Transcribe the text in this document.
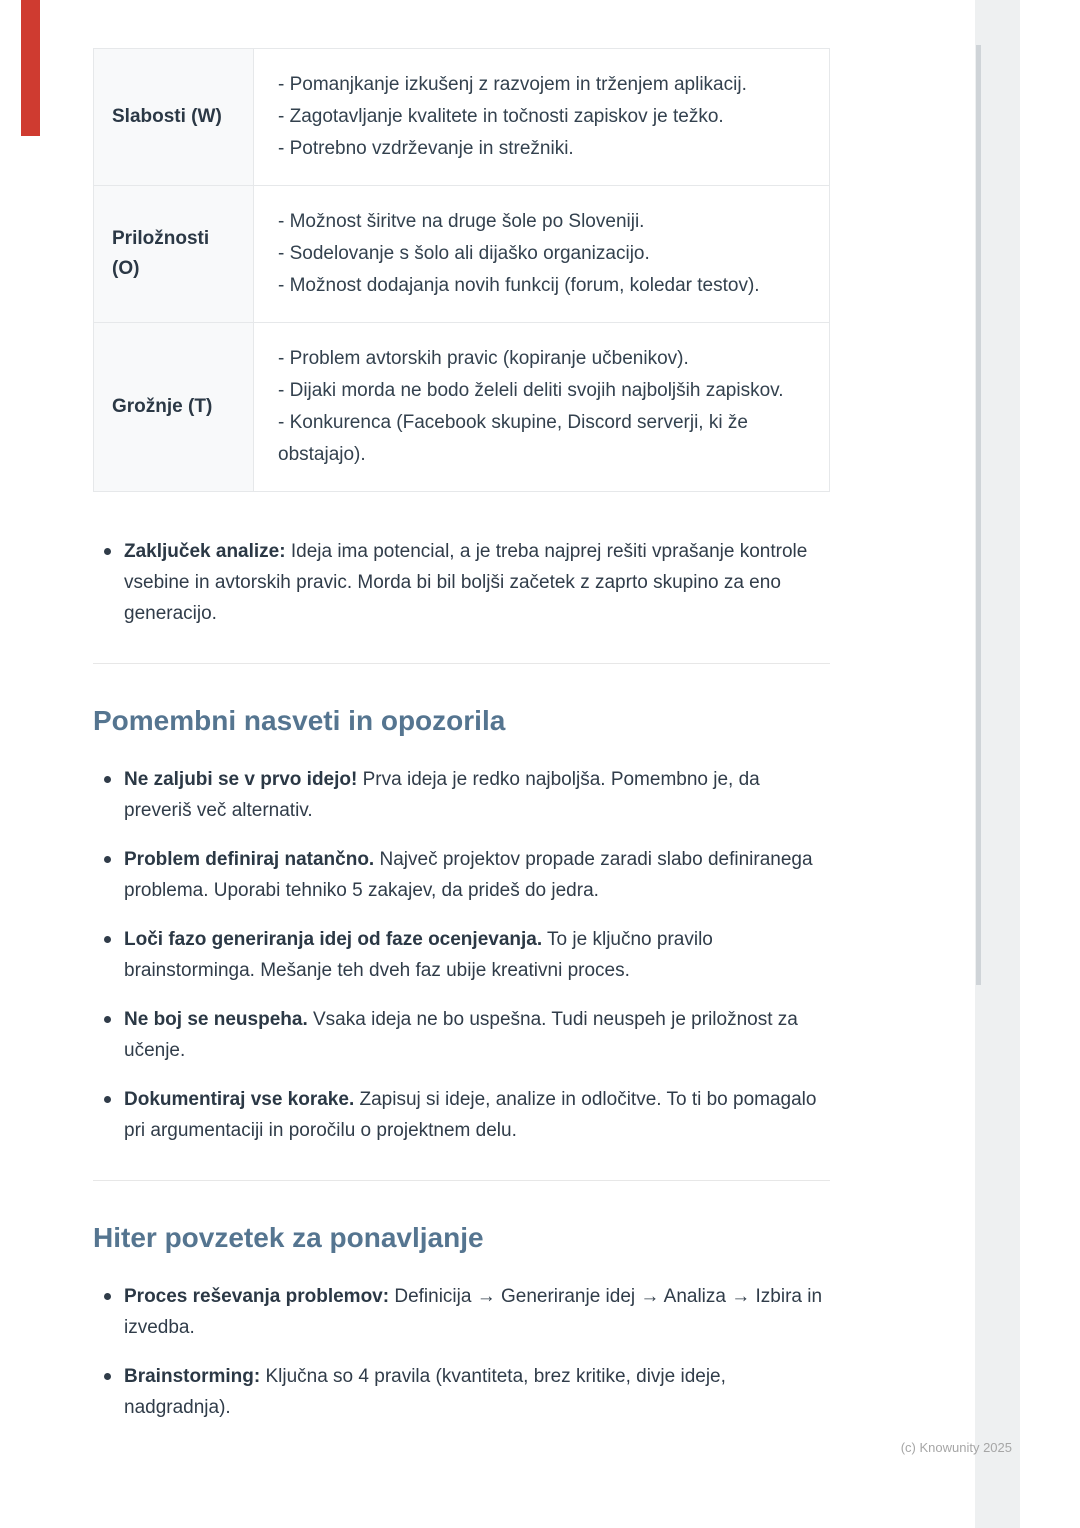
Slabosti (W)

- Pomanjkanje izkušenj z razvojem in trženjem aplikacij.

- Zagotavljanje kvalitete in točnosti zapiskov je težko.

- Potrebno vzdrževanje in strežniki.

Priložnosti (O)

- Možnost širitve na druge šole po Sloveniji.

- Sodelovanje s šolo ali dijaško organizacijo.

- Možnost dodajanja novih funkcij (forum, koledar testov).

Grožnje (T)

- Problem avtorskih pravic (kopiranje učbenikov).

- Dijaki morda ne bodo želeli deliti svojih najboljših zapiskov.

- Konkurenca (Facebook skupine, Discord serverji, ki že obstajajo).

Zaključek analize: Ideja ima potencial, a je treba najprej rešiti vprašanje kontrole vsebine in avtorskih pravic. Morda bi bil boljši začetek z zaprto skupino za eno generacijo.
Pomembni nasveti in opozorila
Ne zaljubi se v prvo idejo! Prva ideja je redko najboljša. Pomembno je, da preveriš več alternativ.
Problem definiraj natančno. Največ projektov propade zaradi slabo definiranega problema. Uporabi tehniko 5 zakajev, da prideš do jedra.
Loči fazo generiranja idej od faze ocenjevanja. To je ključno pravilo brainstorminga. Mešanje teh dveh faz ubije kreativni proces.
Ne boj se neuspeha. Vsaka ideja ne bo uspešna. Tudi neuspeh je priložnost za učenje.
Dokumentiraj vse korake. Zapisuj si ideje, analize in odločitve. To ti bo pomagalo pri argumentaciji in poročilu o projektnem delu.
Hiter povzetek za ponavljanje
Proces reševanja problemov: Definicija → Generiranje idej → Analiza → Izbira in izvedba.
Brainstorming: Ključna so 4 pravila (kvantiteta, brez kritike, divje ideje, nadgradnja).
(c) Knowunity 2025
